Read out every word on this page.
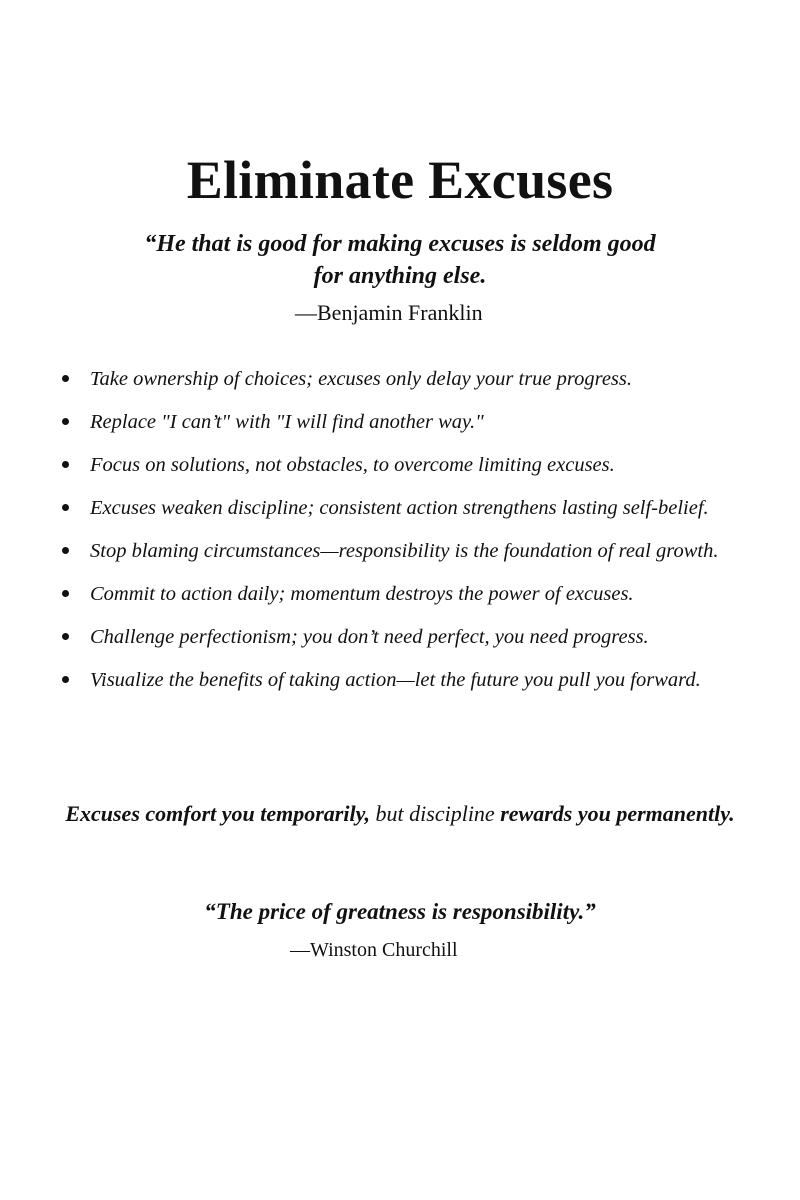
Eliminate Excuses
“He that is good for making excuses is seldom good
for anything else.
—Benjamin Franklin
Take ownership of choices; excuses only delay your true progress.
Replace "I can’t" with "I will find another way."
Focus on solutions, not obstacles, to overcome limiting excuses.
Excuses weaken discipline; consistent action strengthens lasting self-belief.
Stop blaming circumstances—responsibility is the foundation of real growth.
Commit to action daily; momentum destroys the power of excuses.
Challenge perfectionism; you don’t need perfect, you need progress.
Visualize the benefits of taking action—let the future you pull you forward.
Excuses comfort you temporarily, but discipline rewards you permanently.
“The price of greatness is responsibility.”
—Winston Churchill
